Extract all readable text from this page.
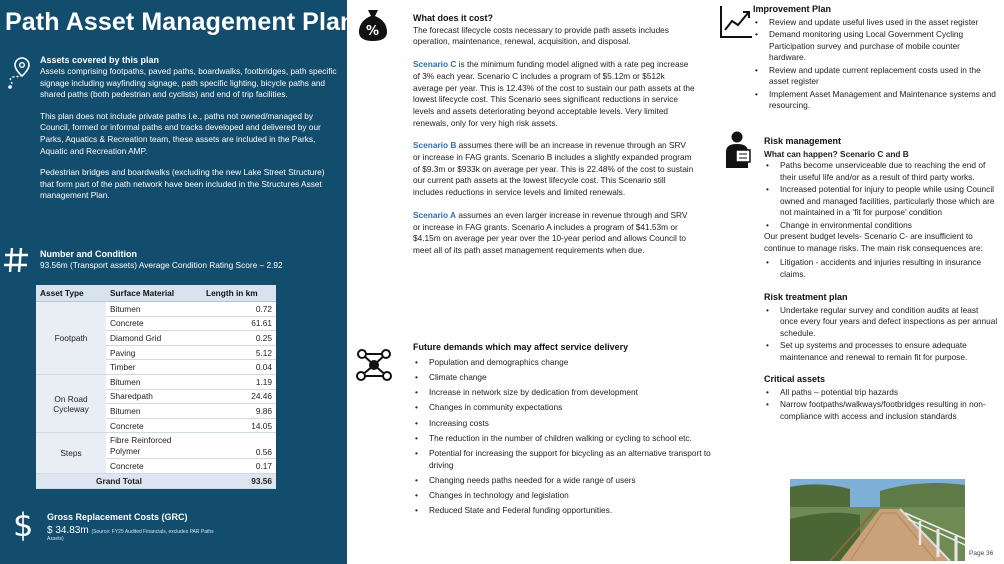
Path Asset Management Plan
Assets covered by this plan

Assets comprising footpaths, paved paths, boardwalks, footbridges, path specific signage including wayfinding signage, path specific lighting, bicycle paths and shared paths (both pedestrian and cyclists) and end of trip facilities.

This plan does not include private paths i.e., paths not owned/managed by Council, formed or informal paths and tracks developed and delivered by our Parks, Aquatics & Recreation team, these assets are included in the Parks, Aquatic and Recreation AMP.

Pedestrian bridges and boardwalks (excluding the new Lake Street Structure) that form part of the path network have been included in the Structures Asset management Plan.

Number and Condition
93.56m (Transport assets) Average Condition Rating Score – 2.92
Asset Type	Surface Material	Length in km
Footpath	Bitumen	0.72
	Concrete	61.61
	Diamond Grid	0.25
	Paving	5.12
	Timber	0.04
On Road Cycleway	Bitumen	1.19
	Sharedpath	24.46
	Bitumen	9.86
	Concrete	14.05
Steps	Fibre Reinforced Polymer	0.56
	Concrete	0.17
Grand Total		93.56
$ Gross Replacement Costs (GRC)
$ 34.83m (Source: FY25 Audited Financials, excludes PAR Paths
Assets)
%
What does it cost?

The forecast lifecycle costs necessary to provide path assets includes operation, maintenance, renewal, acquisition, and disposal.

Scenario C is the minimum funding model aligned with a rate peg increase of 3% each year. Scenario C includes a program of $5.12m or $512k average per year. This is 12.43% of the cost to sustain our path assets at the lowest lifecycle cost. This Scenario sees significant reductions in service levels and assets deteriorating beyond acceptable levels. Very limited renewals, only for very high risk assets.

Scenario B assumes there will be an increase in revenue through an SRV or increase in FAG grants. Scenario B includes a slightly expanded program of $9.3m or $933k on average per year. This is 22.48% of the cost to sustain our current path assets at the lowest lifecycle cost. This Scenario still includes reductions in service levels and limited renewals.

Scenario A assumes an even larger increase in revenue through and SRV or increase in FAG grants. Scenario A includes a program of $41.53m or $4.15m on average per year over the 10-year period and allows Council to meet all of its path asset management requirements when due.

Future demands which may affect service delivery
• Population and demographics change
• Climate change
• Increase in network size by dedication from development
• Changes in community expectations
• Increasing costs
• The reduction in the number of children walking or cycling to school etc.
• Potential for increasing the support for bicycling as an alternative transport to driving
• Changing needs paths needed for a wide range of users
• Changes in technology and legislation
• Reduced State and Federal funding opportunities.
Improvement Plan
• Review and update useful lives used in the asset register
• Demand monitoring using Local Government Cycling Participation survey and purchase of mobile counter hardware.
• Review and update current replacement costs used in the asset register
• Implement Asset Management and Maintenance systems and resourcing.
Risk management
What can happen? Scenario C and B
• Paths become unserviceable due to reaching the end of their useful life and/or as a result of third party works.
• Increased potential for injury to people while using Council owned and managed facilities, particularly those which are not maintained in a ‘fit for purpose’ condition
• Change in environmental conditions
Our present budget levels- Scenario C- are insufficient to continue to manage risks. The main risk consequences are:
• Litigation - accidents and injuries resulting in insurance claims.
Risk treatment plan
• Undertake regular survey and condition audits at least once every four years and defect inspections as per annual schedule.
• Set up systems and processes to ensure adequate maintenance and renewal to remain fit for purpose.
Critical assets
• All paths – potential trip hazards
• Narrow footpaths/walkways/footbridges resulting in non-compliance with access and inclusion standards
Page 36
